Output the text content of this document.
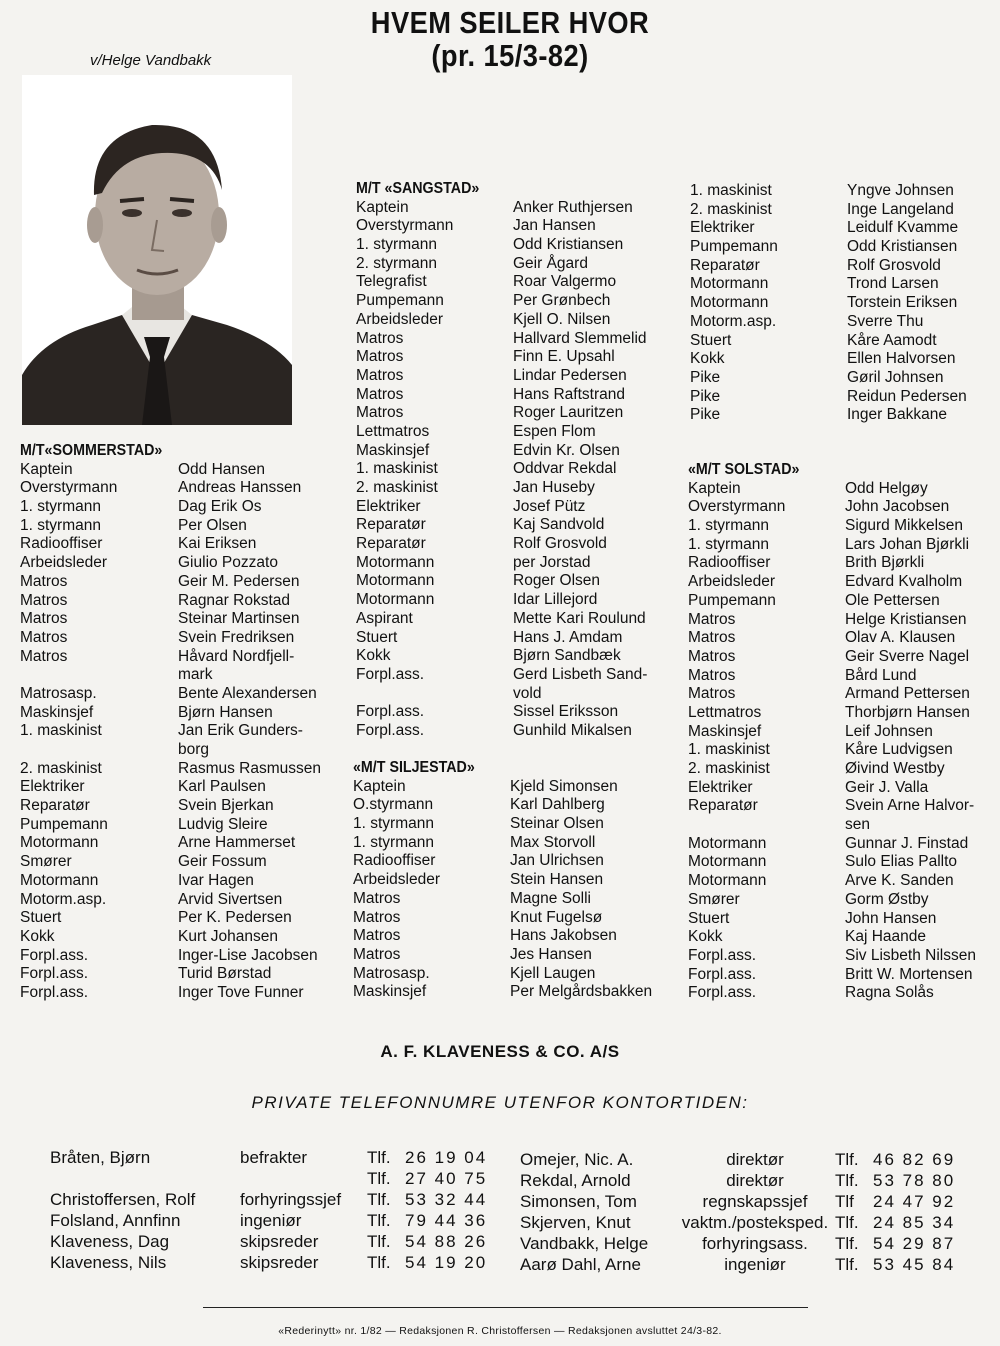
HVEM SEILER HVOR
(pr. 15/3-82)
v/Helge Vandbakk
M/T«SOMMERSTAD»
Kaptein	Odd Hansen
Overstyrmann	Andreas Hanssen
1. styrmann	Dag Erik Os
1. styrmann	Per Olsen
Radiooffiser	Kai Eriksen
Arbeidsleder	Giulio Pozzato
Matros	Geir M. Pedersen
Matros	Ragnar Rokstad
Matros	Steinar Martinsen
Matros	Svein Fredriksen
Matros	Håvard Nordfjell-
mark
Matrosasp.	Bente Alexandersen
Maskinsjef	Bjørn Hansen
1. maskinist	Jan Erik Gunders-
borg
2. maskinist	Rasmus Rasmussen
Elektriker	Karl Paulsen
Reparatør	Svein Bjerkan
Pumpemann	Ludvig Sleire
Motormann	Arne Hammerset
Smører	Geir Fossum
Motormann	Ivar Hagen
Motorm.asp.	Arvid Sivertsen
Stuert	Per K. Pedersen
Kokk	Kurt Johansen
Forpl.ass.	Inger-Lise Jacobsen
Forpl.ass.	Turid Børstad
Forpl.ass.	Inger Tove Funner
M/T «SANGSTAD»
Kaptein	Anker Ruthjersen
Overstyrmann	Jan Hansen
1. styrmann	Odd Kristiansen
2. styrmann	Geir Ågard
Telegrafist	Roar Valgermo
Pumpemann	Per Grønbech
Arbeidsleder	Kjell O. Nilsen
Matros	Hallvard Slemmelid
Matros	Finn E. Upsahl
Matros	Lindar Pedersen
Matros	Hans Raftstrand
Matros	Roger Lauritzen
Lettmatros	Espen Flom
Maskinsjef	Edvin Kr. Olsen
1. maskinist	Oddvar Rekdal
2. maskinist	Jan Huseby
Elektriker	Josef Pütz
Reparatør	Kaj Sandvold
Reparatør	Rolf Grosvold
Motormann	per Jorstad
Motormann	Roger Olsen
Motormann	Idar Lillejord
Aspirant	Mette Kari Roulund
Stuert	Hans J. Amdam
Kokk	Bjørn Sandbæk
Forpl.ass.	Gerd Lisbeth Sand-
vold
Forpl.ass.	Sissel Eriksson
Forpl.ass.	Gunhild Mikalsen
«M/T SILJESTAD»
Kaptein	Kjeld Simonsen
O.styrmann	Karl Dahlberg
1. styrmann	Steinar Olsen
1. styrmann	Max Storvoll
Radiooffiser	Jan Ulrichsen
Arbeidsleder	Stein Hansen
Matros	Magne Solli
Matros	Knut Fugelsø
Matros	Hans Jakobsen
Matros	Jes Hansen
Matrosasp.	Kjell Laugen
Maskinsjef	Per Melgårdsbakken
1. maskinist	Yngve Johnsen
2. maskinist	Inge Langeland
Elektriker	Leidulf Kvamme
Pumpemann	Odd Kristiansen
Reparatør	Rolf Grosvold
Motormann	Trond Larsen
Motormann	Torstein Eriksen
Motorm.asp.	Sverre Thu
Stuert	Kåre Aamodt
Kokk	Ellen Halvorsen
Pike	Gøril Johnsen
Pike	Reidun Pedersen
Pike	Inger Bakkane
«M/T SOLSTAD»
Kaptein	Odd Helgøy
Overstyrmann	John Jacobsen
1. styrmann	Sigurd Mikkelsen
1. styrmann	Lars Johan Bjørkli
Radiooffiser	Brith Bjørkli
Arbeidsleder	Edvard Kvalholm
Pumpemann	Ole Pettersen
Matros	Helge Kristiansen
Matros	Olav A. Klausen
Matros	Geir Sverre Nagel
Matros	Bård Lund
Matros	Armand Pettersen
Lettmatros	Thorbjørn Hansen
Maskinsjef	Leif Johnsen
1. maskinist	Kåre Ludvigsen
2. maskinist	Øivind Westby
Elektriker	Geir J. Valla
Reparatør	Svein Arne Halvor-
sen
Motormann	Gunnar J. Finstad
Motormann	Sulo Elias Pallto
Motormann	Arve K. Sanden
Smører	Gorm Østby
Stuert	John Hansen
Kokk	Kaj Haande
Forpl.ass.	Siv Lisbeth Nilssen
Forpl.ass.	Britt W. Mortensen
Forpl.ass.	Ragna Solås
A. F. KLAVENESS & CO. A/S
PRIVATE TELEFONNUMRE UTENFOR KONTORTIDEN:
Bråten, Bjørn	befrakter	Tlf. 26 19 04
Tlf. 27 40 75
Christoffersen, Rolf	forhyringssjef	Tlf. 53 32 44
Folsland, Annfinn	ingeniør	Tlf. 79 44 36
Klaveness, Dag	skipsreder	Tlf. 54 88 26
Klaveness, Nils	skipsreder	Tlf. 54 19 20
Omejer, Nic. A.	direktør	Tlf. 46 82 69
Rekdal, Arnold	direktør	Tlf. 53 78 80
Simonsen, Tom	regnskapssjef	Tlf	24 47 92
Skjerven, Knut	vaktm./posteksped. Tlf. 24 85 34
Vandbakk, Helge	forhyringsass.	Tlf. 54 29 87
Aarø Dahl, Arne	ingeniør	Tlf. 53 45 84
«Rederinytt» nr. 1/82 — Redaksjonen R. Christoffersen — Redaksjonen avsluttet 24/3-82.
